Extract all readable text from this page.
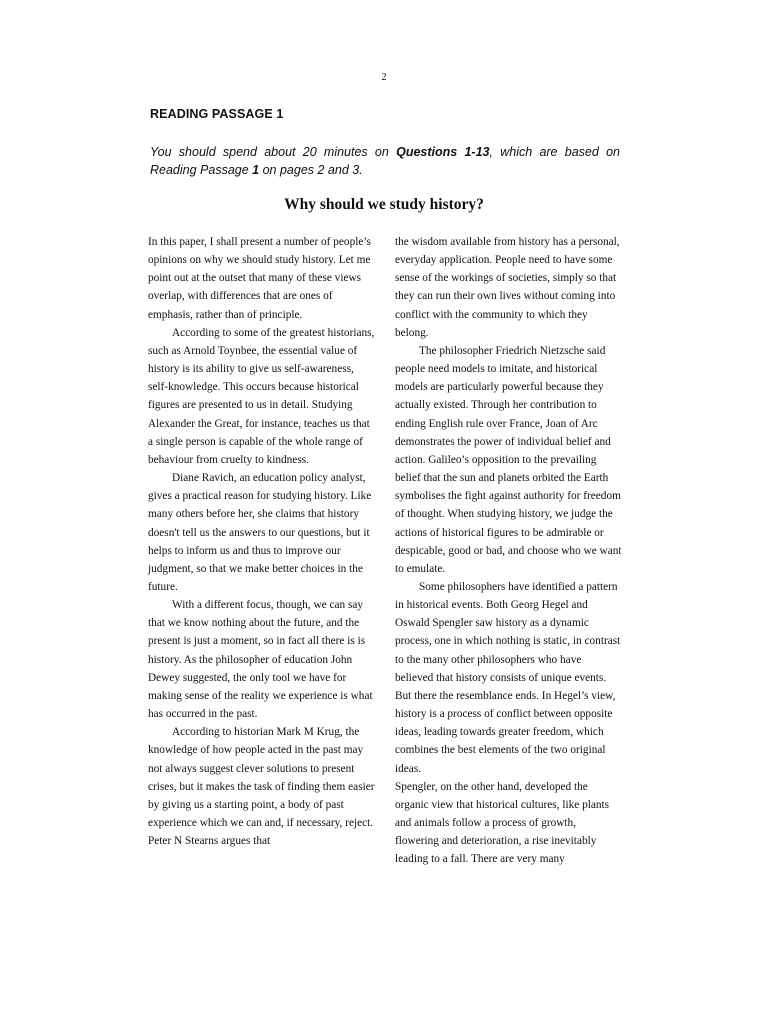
2
READING PASSAGE 1
You should spend about 20 minutes on Questions 1-13, which are based on Reading Passage 1 on pages 2 and 3.
Why should we study history?

In this paper, I shall present a number of people’s opinions on why we should study history. Let me point out at the outset that many of these views overlap, with differences that are ones of emphasis, rather than of principle.

According to some of the greatest historians, such as Arnold Toynbee, the essential value of history is its ability to give us self-awareness, self-knowledge. This occurs because historical figures are presented to us in detail. Studying Alexander the Great, for instance, teaches us that a single person is capable of the whole range of behaviour from cruelty to kindness.

Diane Ravich, an education policy analyst, gives a practical reason for studying history. Like many others before her, she claims that history doesn't tell us the answers to our questions, but it helps to inform us and thus to improve our judgment, so that we make better choices in the future.

With a different focus, though, we can say that we know nothing about the future, and the present is just a moment, so in fact all there is is history. As the philosopher of education John Dewey suggested, the only tool we have for making sense of the reality we experience is what has occurred in the past.

According to historian Mark M Krug, the knowledge of how people acted in the past may not always suggest clever solutions to present crises, but it makes the task of finding them easier by giving us a starting point, a body of past experience which we can and, if necessary, reject. Peter N Stearns argues that

the wisdom available from history has a personal, everyday application. People need to have some sense of the workings of societies, simply so that they can run their own lives without coming into conflict with the community to which they belong.

The philosopher Friedrich Nietzsche said people need models to imitate, and historical models are particularly powerful because they actually existed. Through her contribution to ending English rule over France, Joan of Arc demonstrates the power of individual belief and action. Galileo’s opposition to the prevailing belief that the sun and planets orbited the Earth symbolises the fight against authority for freedom of thought. When studying history, we judge the actions of historical figures to be admirable or despicable, good or bad, and choose who we want to emulate.

Some philosophers have identified a pattern in historical events. Both Georg Hegel and Oswald Spengler saw history as a dynamic process, one in which nothing is static, in contrast to the many other philosophers who have believed that history consists of unique events. But there the resemblance ends. In Hegel’s view, history is a process of conflict between opposite ideas, leading towards greater freedom, which combines the best elements of the two original ideas.

Spengler, on the other hand, developed the organic view that historical cultures, like plants and animals follow a process of growth, flowering and deterioration, a rise inevitably leading to a fall. There are very many
